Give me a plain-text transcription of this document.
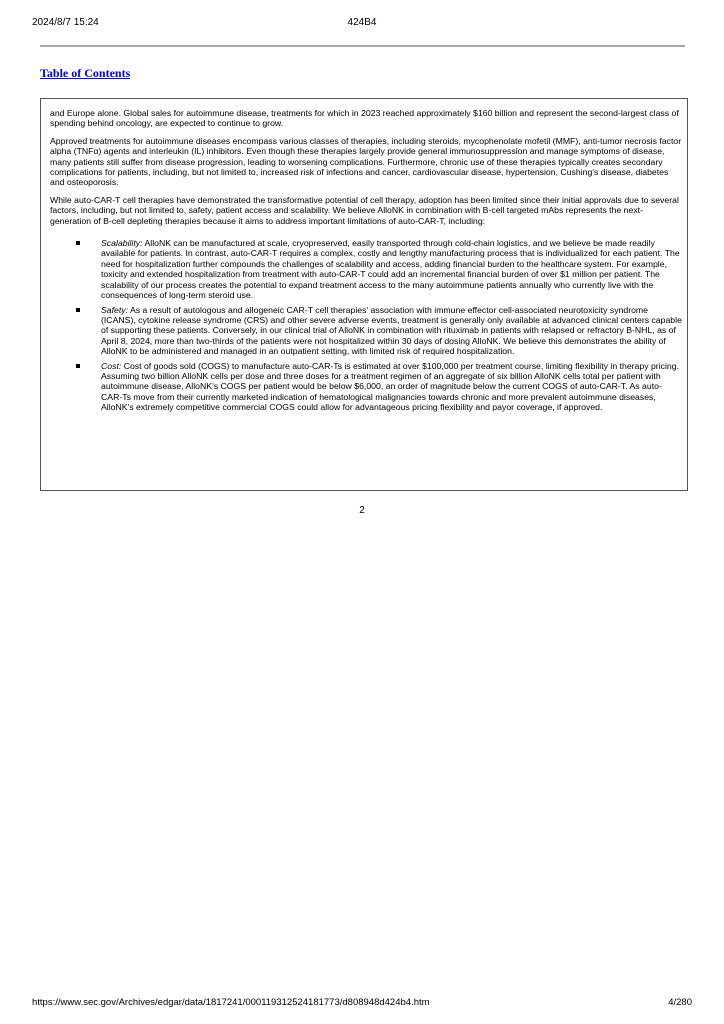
2024/8/7 15:24	424B4
Table of Contents

and Europe alone. Global sales for autoimmune disease, treatments for which in 2023 reached approximately $160 billion and represent the second-largest class of spending behind oncology, are expected to continue to grow.

Approved treatments for autoimmune diseases encompass various classes of therapies, including steroids, mycophenolate mofetil (MMF), anti-tumor necrosis factor alpha (TNFα) agents and interleukin (IL) inhibitors. Even though these therapies largely provide general immunosuppression and manage symptoms of disease, many patients still suffer from disease progression, leading to worsening complications. Furthermore, chronic use of these therapies typically creates secondary complications for patients, including, but not limited to, increased risk of infections and cancer, cardiovascular disease, hypertension, Cushing's disease, diabetes and osteoporosis.

While auto-CAR-T cell therapies have demonstrated the transformative potential of cell therapy, adoption has been limited since their initial approvals due to several factors, including, but not limited to, safety, patient access and scalability. We believe AlloNK in combination with B-cell targeted mAbs represents the next-generation of B-cell depleting therapies because it aims to address important limitations of auto-CAR-T, including:

Scalability: AlloNK can be manufactured at scale, cryopreserved, easily transported through cold-chain logistics, and we believe be made readily available for patients. In contrast, auto-CAR-T requires a complex, costly and lengthy manufacturing process that is individualized for each patient. The need for hospitalization further compounds the challenges of scalability and access, adding financial burden to the healthcare system. For example, toxicity and extended hospitalization from treatment with auto-CAR-T could add an incremental financial burden of over $1 million per patient. The scalability of our process creates the potential to expand treatment access to the many autoimmune patients annually who currently live with the consequences of long-term steroid use.
Safety: As a result of autologous and allogeneic CAR-T cell therapies' association with immune effector cell-associated neurotoxicity syndrome (ICANS), cytokine release syndrome (CRS) and other severe adverse events, treatment is generally only available at advanced clinical centers capable of supporting these patients. Conversely, in our clinical trial of AlloNK in combination with rituximab in patients with relapsed or refractory B-NHL, as of April 8, 2024, more than two-thirds of the patients were not hospitalized within 30 days of dosing AlloNK. We believe this demonstrates the ability of AlloNK to be administered and managed in an outpatient setting, with limited risk of required hospitalization.
Cost: Cost of goods sold (COGS) to manufacture auto-CAR-Ts is estimated at over $100,000 per treatment course, limiting flexibility in therapy pricing. Assuming two billion AlloNK cells per dose and three doses for a treatment regimen of an aggregate of six billion AlloNK cells total per patient with autoimmune disease, AlloNK's COGS per patient would be below $6,000, an order of magnitude below the current COGS of auto-CAR-T. As auto-CAR-Ts move from their currently marketed indication of hematological malignancies towards chronic and more prevalent autoimmune diseases, AlloNK's extremely competitive commercial COGS could allow for advantageous pricing flexibility and payor coverage, if approved.
2
https://www.sec.gov/Archives/edgar/data/1817241/000119312524181773/d808948d424b4.htm	4/280
